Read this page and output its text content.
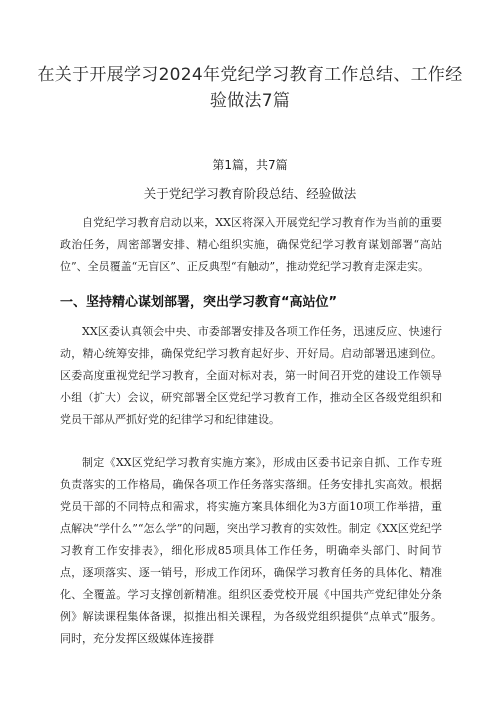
在关于开展学习2024年党纪学习教育工作总结、工作经验做法7篇
第1篇，共7篇
关于党纪学习教育阶段总结、经验做法

自党纪学习教育启动以来，XX区将深入开展党纪学习教育作为当前的重要政治任务，周密部署安排、精心组织实施，确保党纪学习教育谋划部署“高站位”、全员覆盖“无盲区”、正反典型“有触动”，推动党纪学习教育走深走实。

一、坚持精心谋划部署，突出学习教育“高站位”

XX区委认真领会中央、市委部署安排及各项工作任务，迅速反应、快速行动，精心统筹安排，确保党纪学习教育起好步、开好局。启动部署迅速到位。区委高度重视党纪学习教育，全面对标对表，第一时间召开党的建设工作领导小组（扩大）会议，研究部署全区党纪学习教育工作，推动全区各级党组织和党员干部从严抓好党的纪律学习和纪律建设。

制定《XX区党纪学习教育实施方案》，形成由区委书记亲自抓、工作专班负责落实的工作格局，确保各项工作任务落实落细。任务安排扎实高效。根据党员干部的不同特点和需求，将实施方案具体细化为3方面10项工作举措，重点解决“学什么”“怎么学”的问题，突出学习教育的实效性。制定《XX区党纪学习教育工作安排表》，细化形成85项具体工作任务，明确牵头部门、时间节点，逐项落实、逐一销号，形成工作闭环，确保学习教育任务的具体化、精准化、全覆盖。学习支撑创新精准。组织区委党校开展《中国共产党纪律处分条例》解读课程集体备课，拟推出相关课程，为各级党组织提供“点单式”服务。同时，充分发挥区级媒体连接群
